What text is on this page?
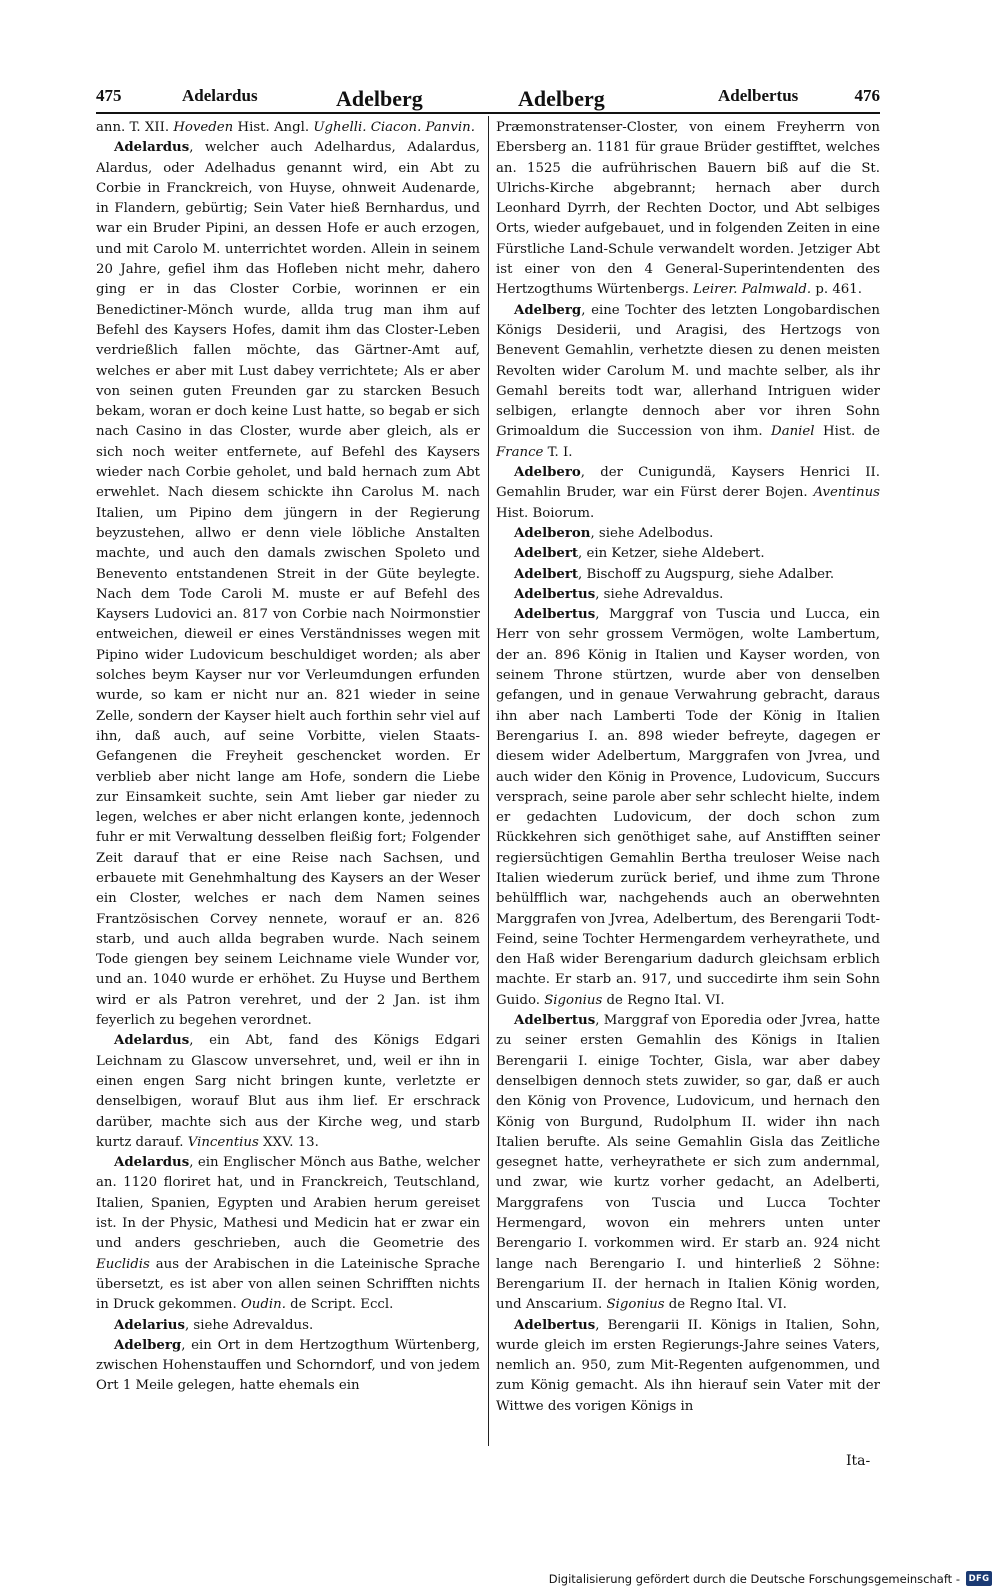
475	Adelardus	Adelberg	Adelberg	Adelbertus	476

ann. T. XII. Hoveden Hist. Angl. Ughelli. Ciacon. Panvin.

Adelardus, welcher auch Adelhardus, Adalardus, Alardus, oder Adelhadus genannt wird, ein Abt zu Corbie in Franckreich, von Huyse, ohnweit Audenarde, in Flandern, gebürtig; Sein Vater hieß Bernhardus, und war ein Bruder Pipini, an dessen Hofe er auch erzogen, und mit Carolo M. unterrichtet worden. Allein in seinem 20 Jahre, gefiel ihm das Hofleben nicht mehr, dahero ging er in das Closter Corbie, worinnen er ein Benedictiner-Mönch wurde, allda trug man ihm auf Befehl des Kaysers Hofes, damit ihm das Closter-Leben verdrießlich fallen möchte, das Gärtner-Amt auf, welches er aber mit Lust dabey verrichtete; Als er aber von seinen guten Freunden gar zu starcken Besuch bekam, woran er doch keine Lust hatte, so begab er sich nach Casino in das Closter, wurde aber gleich, als er sich noch weiter entfernete, auf Befehl des Kaysers wieder nach Corbie geholet, und bald hernach zum Abt erwehlet. Nach diesem schickte ihn Carolus M. nach Italien, um Pipino dem jüngern in der Regierung beyzustehen, allwo er denn viele löbliche Anstalten machte, und auch den damals zwischen Spoleto und Benevento entstandenen Streit in der Güte beylegte. Nach dem Tode Caroli M. muste er auf Befehl des Kaysers Ludovici an. 817 von Corbie nach Noirmonstier entweichen, dieweil er eines Verständnisses wegen mit Pipino wider Ludovicum beschuldiget worden; als aber solches beym Kayser nur vor Verleumdungen erfunden wurde, so kam er nicht nur an. 821 wieder in seine Zelle, sondern der Kayser hielt auch forthin sehr viel auf ihn, daß auch, auf seine Vorbitte, vielen Staats-Gefangenen die Freyheit geschencket worden. Er verblieb aber nicht lange am Hofe, sondern die Liebe zur Einsamkeit suchte, sein Amt lieber gar nieder zu legen, welches er aber nicht erlangen konte, jedennoch fuhr er mit Verwaltung desselben fleißig fort; Folgender Zeit darauf that er eine Reise nach Sachsen, und erbauete mit Genehmhaltung des Kaysers an der Weser ein Closter, welches er nach dem Namen seines Frantzösischen Corvey nennete, worauf er an. 826 starb, und auch allda begraben wurde. Nach seinem Tode giengen bey seinem Leichname viele Wunder vor, und an. 1040 wurde er erhöhet. Zu Huyse und Berthem wird er als Patron verehret, und der 2 Jan. ist ihm feyerlich zu begehen verordnet.

Adelardus, ein Abt, fand des Königs Edgari Leichnam zu Glascow unversehret, und, weil er ihn in einen engen Sarg nicht bringen kunte, verletzte er denselbigen, worauf Blut aus ihm lief. Er erschrack darüber, machte sich aus der Kirche weg, und starb kurtz darauf. Vincentius XXV. 13.

Adelardus, ein Englischer Mönch aus Bathe, welcher an. 1120 floriret hat, und in Franckreich, Teutschland, Italien, Spanien, Egypten und Arabien herum gereiset ist. In der Physic, Mathesi und Medicin hat er zwar ein und anders geschrieben, auch die Geometrie des Euclidis aus der Arabischen in die Lateinische Sprache übersetzt, es ist aber von allen seinen Schrifften nichts in Druck gekommen. Oudin. de Script. Eccl.

Adelarius, siehe Adrevaldus.

Adelberg, ein Ort in dem Hertzogthum Würtenberg, zwischen Hohenstauffen und Schorndorf, und von jedem Ort 1 Meile gelegen, hatte ehemals ein

Præmonstratenser-Closter, von einem Freyherrn von Ebersberg an. 1181 für graue Brüder gestifftet, welches an. 1525 die aufrührischen Bauern biß auf die St. Ulrichs-Kirche abgebrannt; hernach aber durch Leonhard Dyrrh, der Rechten Doctor, und Abt selbiges Orts, wieder aufgebauet, und in folgenden Zeiten in eine Fürstliche Land-Schule verwandelt worden. Jetziger Abt ist einer von den 4 General-Superintendenten des Hertzogthums Würtenbergs. Leirer. Palmwald. p. 461.

Adelberg, eine Tochter des letzten Longobardischen Königs Desiderii, und Aragisi, des Hertzogs von Benevent Gemahlin, verhetzte diesen zu denen meisten Revolten wider Carolum M. und machte selber, als ihr Gemahl bereits todt war, allerhand Intriguen wider selbigen, erlangte dennoch aber vor ihren Sohn Grimoaldum die Succession von ihm. Daniel Hist. de France T. I.

Adelbero, der Cunigundä, Kaysers Henrici II. Gemahlin Bruder, war ein Fürst derer Bojen. Aventinus Hist. Boiorum.

Adelberon, siehe Adelbodus.

Adelbert, ein Ketzer, siehe Aldebert.

Adelbert, Bischoff zu Augspurg, siehe Adalber.

Adelbertus, siehe Adrevaldus.

Adelbertus, Marggraf von Tuscia und Lucca, ein Herr von sehr grossem Vermögen, wolte Lambertum, der an. 896 König in Italien und Kayser worden, von seinem Throne stürtzen, wurde aber von denselben gefangen, und in genaue Verwahrung gebracht, daraus ihn aber nach Lamberti Tode der König in Italien Berengarius I. an. 898 wieder befreyte, dagegen er diesem wider Adelbertum, Marggrafen von Jvrea, und auch wider den König in Provence, Ludovicum, Succurs versprach, seine parole aber sehr schlecht hielte, indem er gedachten Ludovicum, der doch schon zum Rückkehren sich genöthiget sahe, auf Anstifften seiner regiersüchtigen Gemahlin Bertha treuloser Weise nach Italien wiederum zurück berief, und ihme zum Throne behülfflich war, nachgehends auch an oberwehnten Marggrafen von Jvrea, Adelbertum, des Berengarii Todt-Feind, seine Tochter Hermengardem verheyrathete, und den Haß wider Berengarium dadurch gleichsam erblich machte. Er starb an. 917, und succedirte ihm sein Sohn Guido. Sigonius de Regno Ital. VI.

Adelbertus, Marggraf von Eporedia oder Jvrea, hatte zu seiner ersten Gemahlin des Königs in Italien Berengarii I. einige Tochter, Gisla, war aber dabey denselbigen dennoch stets zuwider, so gar, daß er auch den König von Provence, Ludovicum, und hernach den König von Burgund, Rudolphum II. wider ihn nach Italien berufte. Als seine Gemahlin Gisla das Zeitliche gesegnet hatte, verheyrathete er sich zum andernmal, und zwar, wie kurtz vorher gedacht, an Adelberti, Marggrafens von Tuscia und Lucca Tochter Hermengard, wovon ein mehrers unten unter Berengario I. vorkommen wird. Er starb an. 924 nicht lange nach Berengario I. und hinterließ 2 Söhne: Berengarium II. der hernach in Italien König worden, und Anscarium. Sigonius de Regno Ital. VI.

Adelbertus, Berengarii II. Königs in Italien, Sohn, wurde gleich im ersten Regierungs-Jahre seines Vaters, nemlich an. 950, zum Mit-Regenten aufgenommen, und zum König gemacht. Als ihn hierauf sein Vater mit der Wittwe des vorigen Königs in

Ita-
Digitalisierung gefördert durch die Deutsche Forschungsgemeinschaft -	DFG
